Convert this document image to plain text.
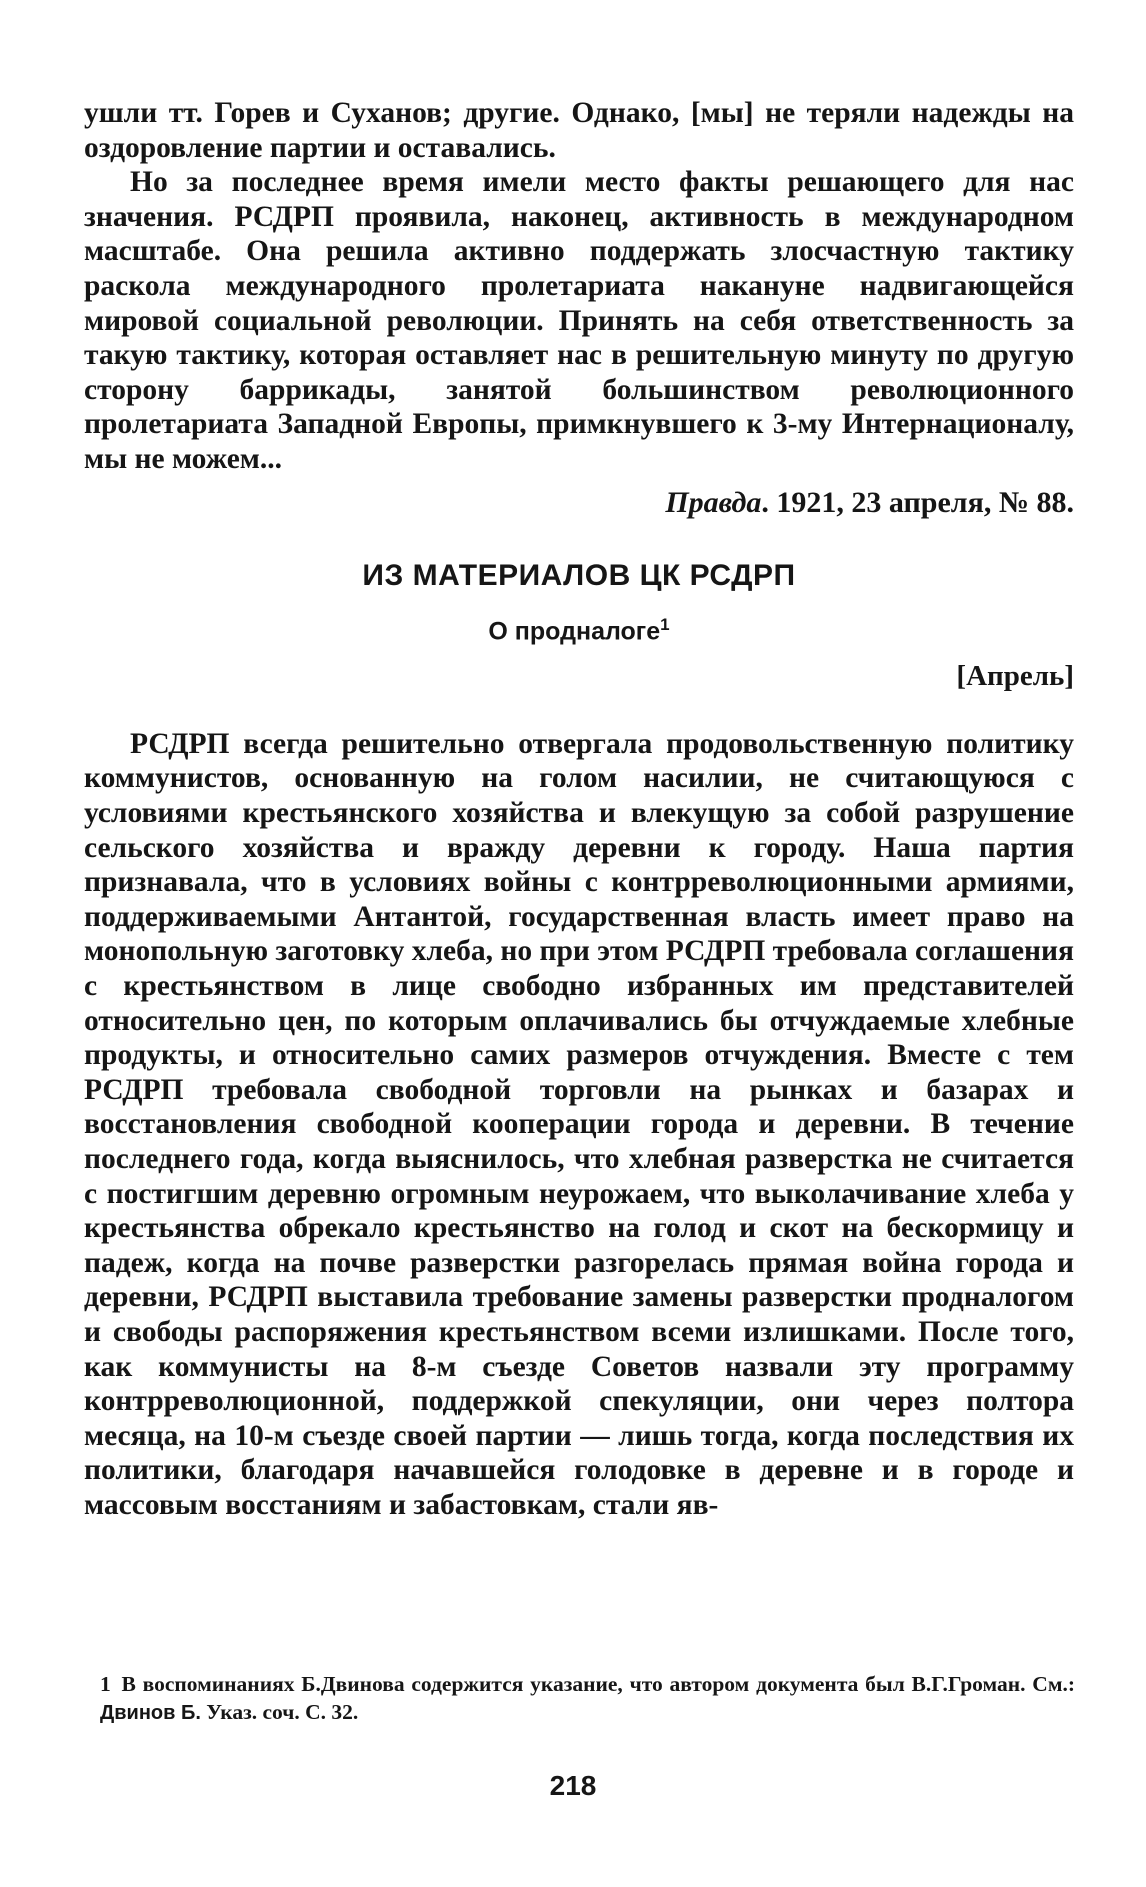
ушли тт. Горев и Суханов; другие. Однако, [мы] не теряли надежды на оздоровление партии и оставались.

Но за последнее время имели место факты решающего для нас значения. РСДРП проявила, наконец, активность в международном масштабе. Она решила активно поддержать злосчастную тактику раскола международного пролетариата накануне надвигающейся мировой социальной революции. Принять на себя ответственность за такую тактику, которая оставляет нас в решительную минуту по другую сторону баррикады, занятой большинством революционного пролетариата Западной Европы, примкнувшего к 3-му Интернационалу, мы не можем...

Правда. 1921, 23 апреля, № 88.

ИЗ МАТЕРИАЛОВ ЦК РСДРП
О продналоге$^1$
[Апрель]

РСДРП всегда решительно отвергала продовольственную политику коммунистов, основанную на голом насилии, не считающуюся с условиями крестьянского хозяйства и влекущую за собой разрушение сельского хозяйства и вражду деревни к городу. Наша партия признавала, что в условиях войны с контрреволюционными армиями, поддерживаемыми Антантой, государственная власть имеет право на монопольную заготовку хлеба, но при этом РСДРП требовала соглашения с крестьянством в лице свободно избранных им представителей относительно цен, по которым оплачивались бы отчуждаемые хлебные продукты, и относительно самих размеров отчуждения. Вместе с тем РСДРП требовала свободной торговли на рынках и базарах и восстановления свободной кооперации города и деревни. В течение последнего года, когда выяснилось, что хлебная разверстка не считается с постигшим деревню огромным неурожаем, что выколачивание хлеба у крестьянства обрекало крестьянство на голод и скот на бескормицу и падеж, когда на почве разверстки разгорелась прямая война города и деревни, РСДРП выставила требование замены разверстки продналогом и свободы распоряжения крестьянством всеми излишками. После того, как коммунисты на 8-м съезде Советов назвали эту программу контрреволюционной, поддержкой спекуляции, они через полтора месяца, на 10-м съезде своей партии — лишь тогда, когда последствия их политики, благодаря начавшейся голодовке в деревне и в городе и массовым восстаниям и забастовкам, стали яв-

1 В воспоминаниях Б.Двинова содержится указание, что автором документа был В.Г.Громан. См.: Двинов Б. Указ. соч. С. 32.
218
